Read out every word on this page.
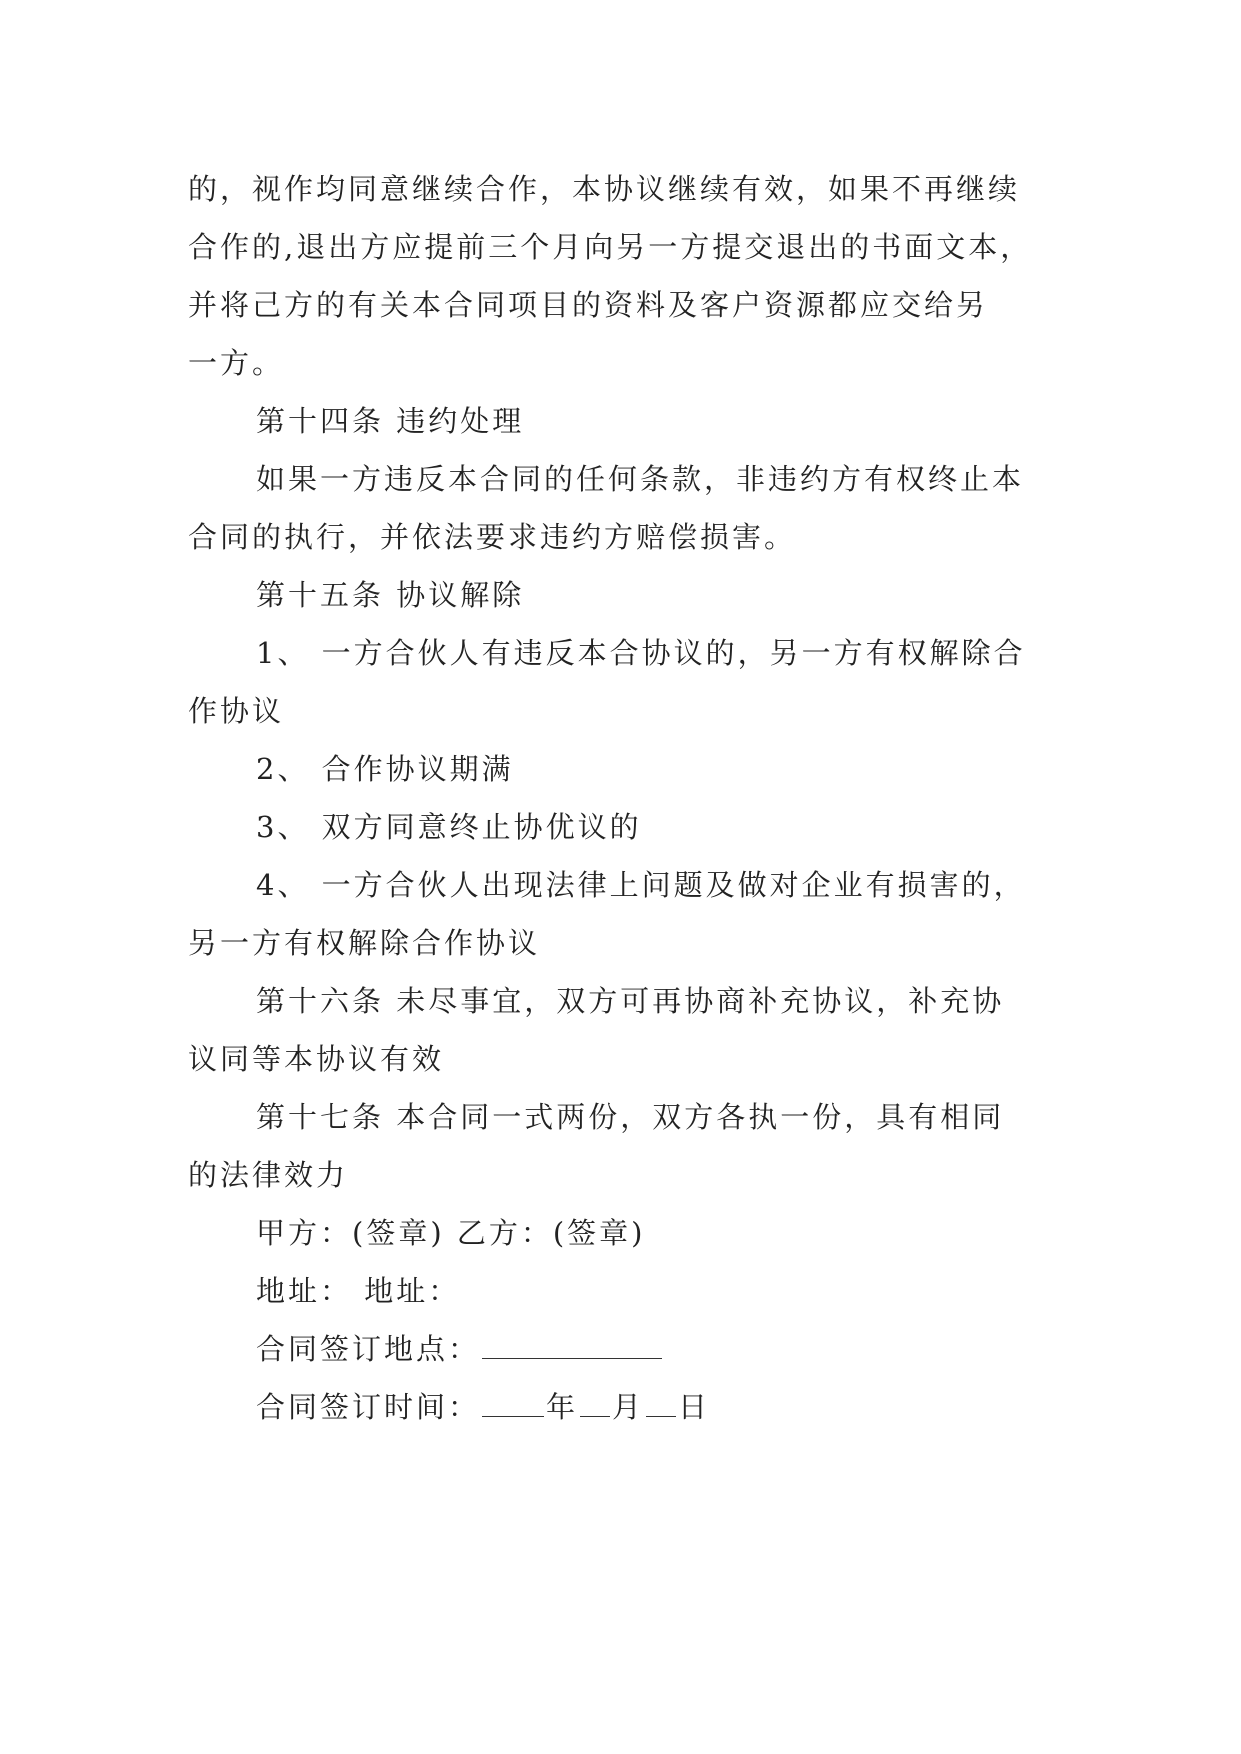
的，视作均同意继续合作，本协议继续有效，如果不再继续
合作的,退出方应提前三个月向另一方提交退出的书面文本，
并将己方的有关本合同项目的资料及客户资源都应交给另
一方。
第十四条 违约处理
如果一方违反本合同的任何条款，非违约方有权终止本
合同的执行，并依法要求违约方赔偿损害。
第十五条 协议解除
1、 一方合伙人有违反本合协议的，另一方有权解除合
作协议
2、 合作协议期满
3、 双方同意终止协优议的
4、 一方合伙人出现法律上问题及做对企业有损害的，
另一方有权解除合作协议
第十六条 未尽事宜，双方可再协商补充协议，补充协
议同等本协议有效
第十七条 本合同一式两份，双方各执一份，具有相同
的法律效力
甲方：(签章) 乙方：(签章)
地址： 地址：
合同签订地点：
合同签订时间： 年 月 日
